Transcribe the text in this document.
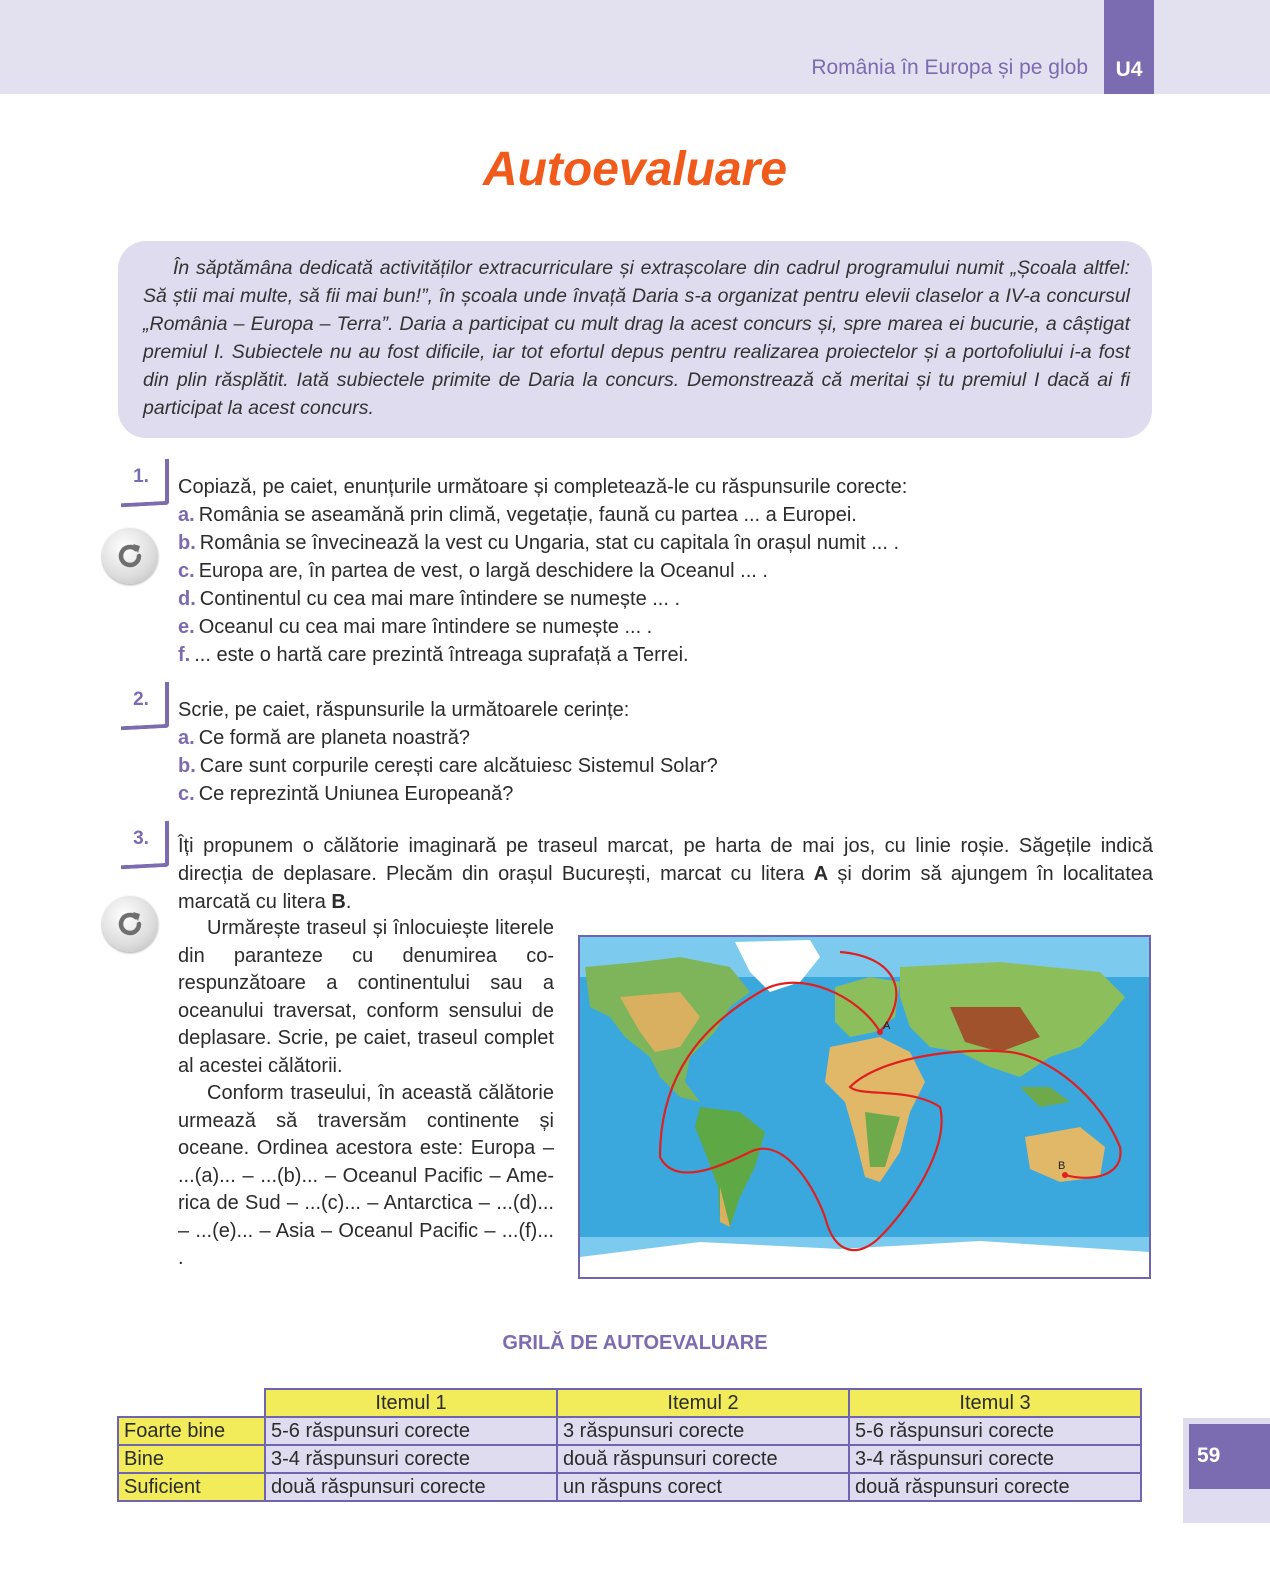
România în Europa și pe glob	U4
Autoevaluare

În săptămâna dedicată activităților extracurriculare și extrașcolare din cadrul programului numit „Școala altfel: Să știi mai multe, să fii mai bun!”, în școala unde învață Daria s-a organizat pentru elevii claselor a IV-a concursul „România – Europa – Terra”. Daria a participat cu mult drag la acest concurs și, spre marea ei bucurie, a câștigat premiul I. Subiectele nu au fost dificile, iar tot efortul depus pentru realizarea proiectelor și a portofoliului i-a fost din plin răsplătit. Iată subiectele primite de Daria la concurs. Demonstrează că meritai și tu premiul I dacă ai fi participat la acest concurs.

1.	Copiază, pe caiet, enunțurile următoare și completează-le cu răspunsurile corecte:
a. România se aseamănă prin climă, vegetație, faună cu partea ... a Europei.
b. România se învecinează la vest cu Ungaria, stat cu capitala în orașul numit ... .
c. Europa are, în partea de vest, o largă deschidere la Oceanul ... .
d. Continentul cu cea mai mare întindere se numește ... .
e. Oceanul cu cea mai mare întindere se numește ... .
f. ... este o hartă care prezintă întreaga suprafață a Terrei.
2.	Scrie, pe caiet, răspunsurile la următoarele cerințe:
a. Ce formă are planeta noastră?
b. Care sunt corpurile cerești care alcătuiesc Sistemul Solar?
c. Ce reprezintă Uniunea Europeană?
3.	Îți propunem o călătorie imaginară pe traseul marcat, pe harta de mai jos, cu linie roșie. Săgețile indică direcția de deplasare. Plecăm din orașul București, marcat cu litera A și dorim să ajungem în localitatea marcată cu litera B.

Urmărește traseul și înlocuiește literele din paranteze cu denumirea corespunzătoare a continentului sau a oceanului traversat, conform sensului de deplasare. Scrie, pe caiet, traseul complet al acestei călătorii.

Conform traseului, în această călătorie urmează să traversăm continente și oceane. Ordinea acestora este: Europa – ...(a)... – ...(b)... – Oceanul Pacific – America de Sud – ...(c)... – Antarctica – ...(d)... – ...(e)... – Asia – Oceanul Pacific – ...(f)... .

A
B
GRILĂ DE AUTOEVALUARE
	Itemul 1	Itemul 2	Itemul 3
Foarte bine	5-6 răspunsuri corecte	3 răspunsuri corecte	5-6 răspunsuri corecte
Bine	3-4 răspunsuri corecte	două răspunsuri corecte	3-4 răspunsuri corecte
Suficient	două răspunsuri corecte	un răspuns corect	două răspunsuri corecte
59
